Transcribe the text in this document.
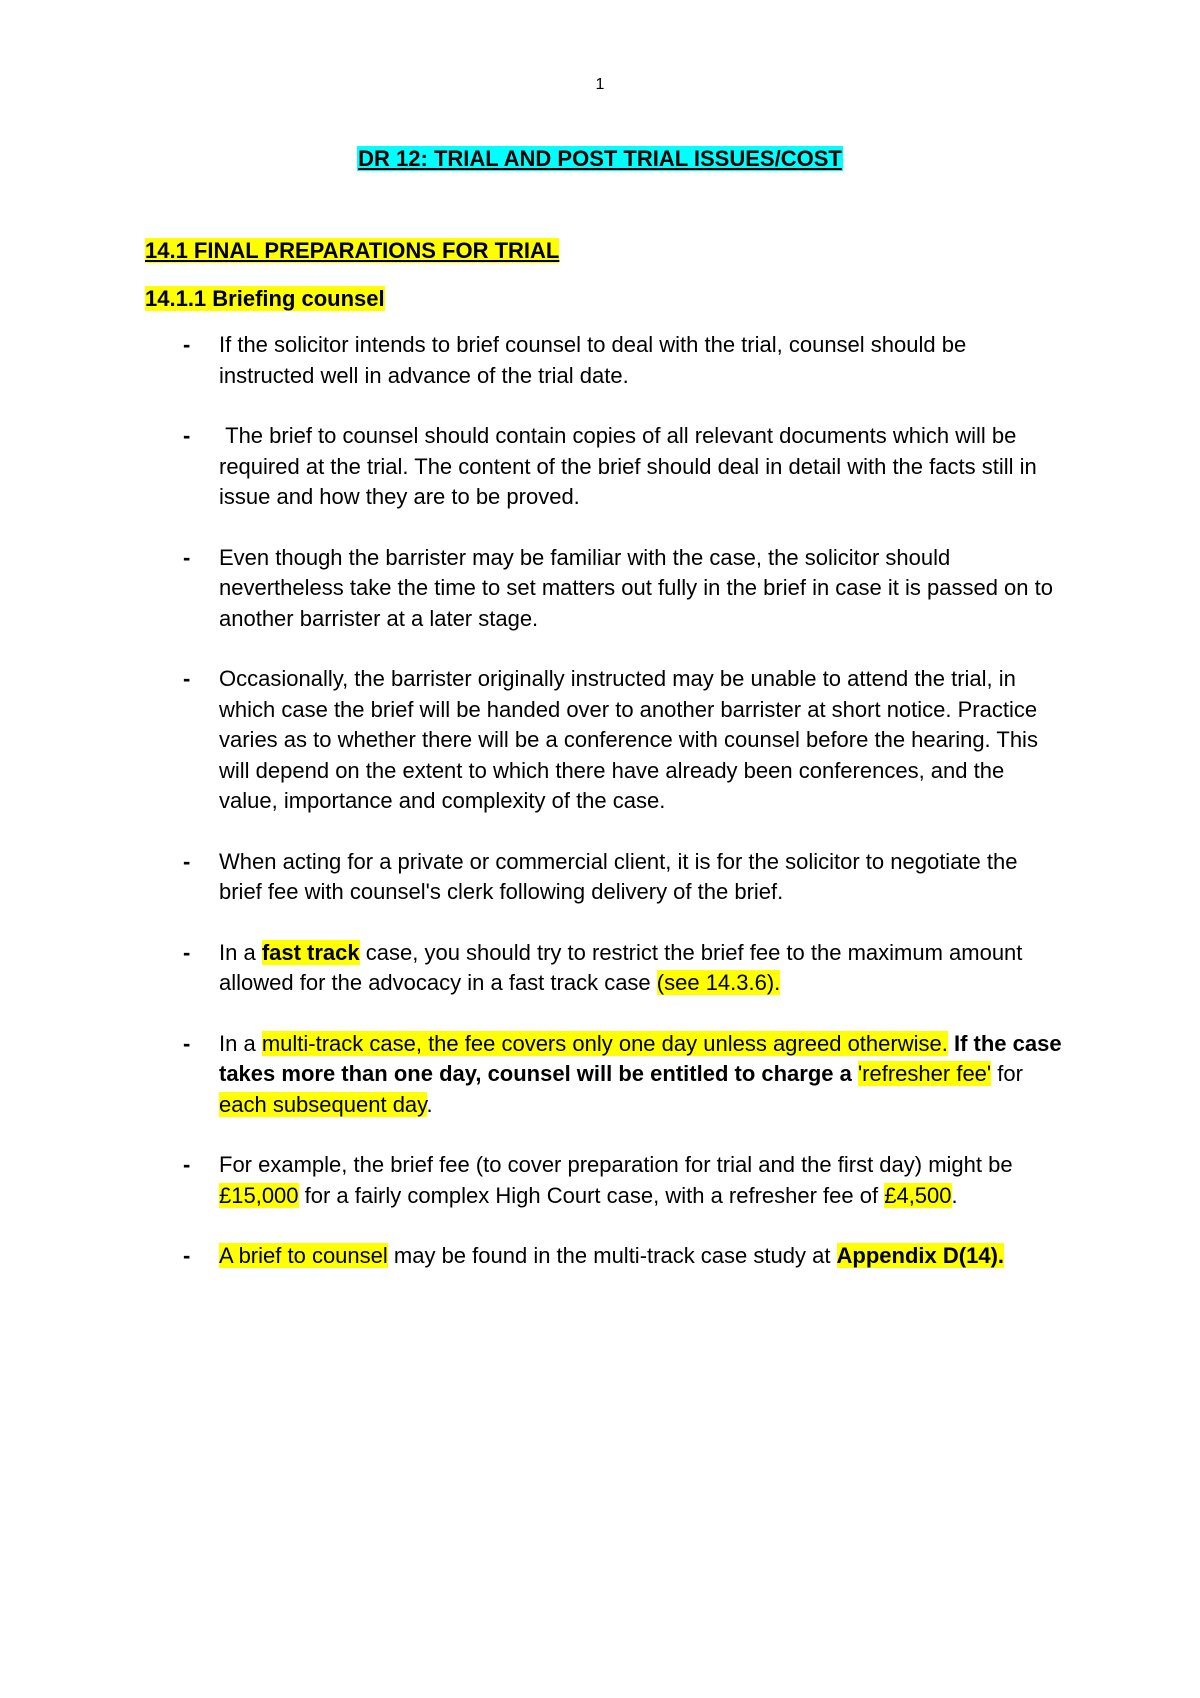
1
DR 12: TRIAL AND POST TRIAL ISSUES/COST
14.1 FINAL PREPARATIONS FOR TRIAL
14.1.1 Briefing counsel
- If the solicitor intends to brief counsel to deal with the trial, counsel should be instructed well in advance of the trial date.
- The brief to counsel should contain copies of all relevant documents which will be required at the trial. The content of the brief should deal in detail with the facts still in issue and how they are to be proved.
- Even though the barrister may be familiar with the case, the solicitor should nevertheless take the time to set matters out fully in the brief in case it is passed on to another barrister at a later stage.
- Occasionally, the barrister originally instructed may be unable to attend the trial, in which case the brief will be handed over to another barrister at short notice. Practice varies as to whether there will be a conference with counsel before the hearing. This will depend on the extent to which there have already been conferences, and the value, importance and complexity of the case.
- When acting for a private or commercial client, it is for the solicitor to negotiate the brief fee with counsel's clerk following delivery of the brief.
- In a fast track case, you should try to restrict the brief fee to the maximum amount allowed for the advocacy in a fast track case (see 14.3.6).
- In a multi-track case, the fee covers only one day unless agreed otherwise. If the case takes more than one day, counsel will be entitled to charge a 'refresher fee' for each subsequent day.
- For example, the brief fee (to cover preparation for trial and the first day) might be £15,000 for a fairly complex High Court case, with a refresher fee of £4,500.
- A brief to counsel may be found in the multi-track case study at Appendix D(14).
